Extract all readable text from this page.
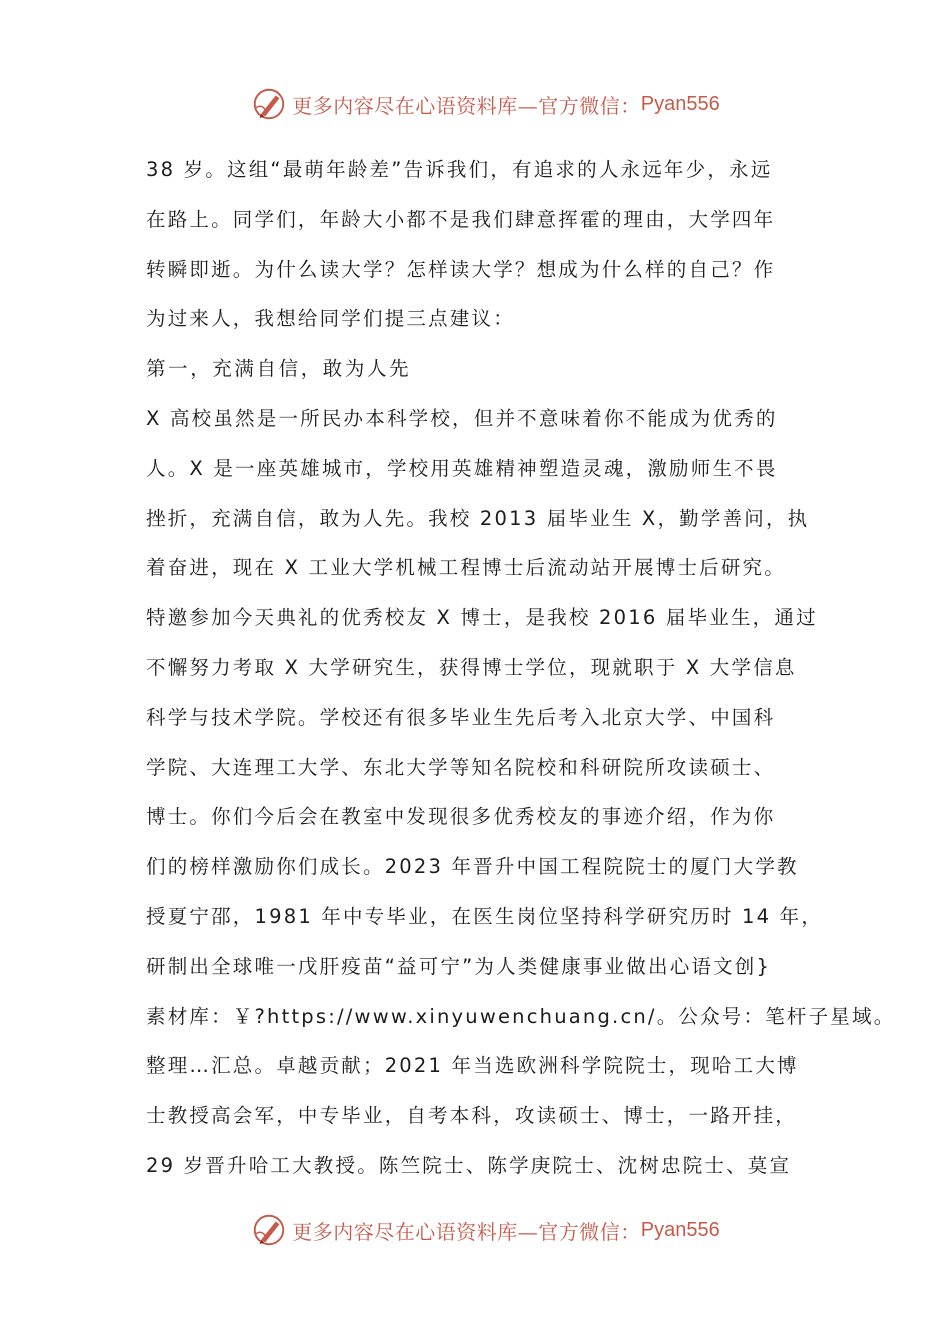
更多内容尽在心语资料库—官方微信： Pyan556
38 岁。这组“最萌年龄差”告诉我们，有追求的人永远年少，永远
在路上。同学们，年龄大小都不是我们肆意挥霍的理由，大学四年
转瞬即逝。为什么读大学？怎样读大学？想成为什么样的自己？作
为过来人，我想给同学们提三点建议：
第一，充满自信，敢为人先
X 高校虽然是一所民办本科学校，但并不意味着你不能成为优秀的
人。X 是一座英雄城市，学校用英雄精神塑造灵魂，激励师生不畏
挫折，充满自信，敢为人先。我校 2013 届毕业生 X，勤学善问，执
着奋进，现在 X 工业大学机械工程博士后流动站开展博士后研究。
特邀参加今天典礼的优秀校友 X 博士，是我校 2016 届毕业生，通过
不懈努力考取 X 大学研究生，获得博士学位，现就职于 X 大学信息
科学与技术学院。学校还有很多毕业生先后考入北京大学、中国科
学院、大连理工大学、东北大学等知名院校和科研院所攻读硕士、
博士。你们今后会在教室中发现很多优秀校友的事迹介绍，作为你
们的榜样激励你们成长。2023 年晋升中国工程院院士的厦门大学教
授夏宁邵，1981 年中专毕业，在医生岗位坚持科学研究历时 14 年，
研制出全球唯一戊肝疫苗“益可宁”为人类健康事业做出心语文创}
素材库：￥?https://www.xinyuwenchuang.cn/。公众号：笔杆子星域。
整理…汇总。卓越贡献；2021 年当选欧洲科学院院士，现哈工大博
士教授高会军，中专毕业，自考本科，攻读硕士、博士，一路开挂，
29 岁晋升哈工大教授。陈竺院士、陈学庚院士、沈树忠院士、莫宣
更多内容尽在心语资料库—官方微信： Pyan556
